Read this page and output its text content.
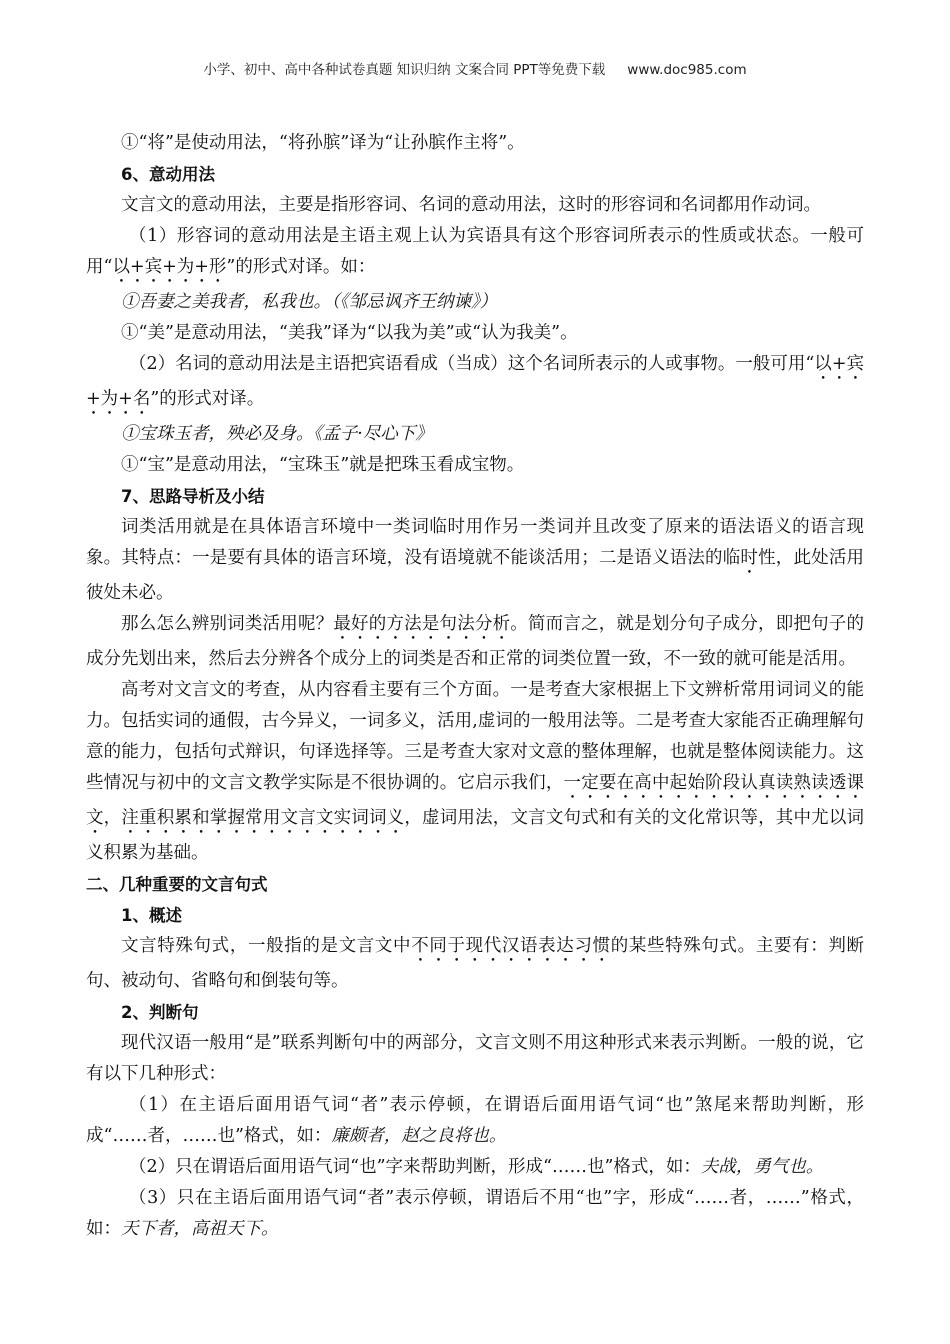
小学、初中、高中各种试卷真题 知识归纳 文案合同 PPT等免费下载 www.doc985.com

①“将”是使动用法，“将孙膑”译为“让孙膑作主将”。

6、意动用法

文言文的意动用法，主要是指形容词、名词的意动用法，这时的形容词和名词都用作动词。

（1）形容词的意动用法是主语主观上认为宾语具有这个形容词所表示的性质或状态。一般可用“以+宾+为+形”的形式对译。如：

①吾妻之美我者，私我也。（《邹忌讽齐王纳谏》）

①“美”是意动用法，“美我”译为“以我为美”或“认为我美”。

（2）名词的意动用法是主语把宾语看成（当成）这个名词所表示的人或事物。一般可用“以+宾+为+名”的形式对译。

①宝珠玉者，殃必及身。《孟子·尽心下》

①“宝”是意动用法，“宝珠玉”就是把珠玉看成宝物。

7、思路导析及小结

词类活用就是在具体语言环境中一类词临时用作另一类词并且改变了原来的语法语义的语言现象。其特点：一是要有具体的语言环境，没有语境就不能谈活用；二是语义语法的临时性，此处活用彼处未必。

那么怎么辨别词类活用呢？最好的方法是句法分析。简而言之，就是划分句子成分，即把句子的成分先划出来，然后去分辨各个成分上的词类是否和正常的词类位置一致，不一致的就可能是活用。

高考对文言文的考查，从内容看主要有三个方面。一是考查大家根据上下文辨析常用词词义的能力。包括实词的通假，古今异义，一词多义，活用,虚词的一般用法等。二是考查大家能否正确理解句意的能力，包括句式辩识，句译选择等。三是考查大家对文意的整体理解，也就是整体阅读能力。这些情况与初中的文言文教学实际是不很协调的。它启示我们，一定要在高中起始阶段认真读熟读透课文，注重积累和掌握常用文言文实词词义，虚词用法，文言文句式和有关的文化常识等，其中尤以词义积累为基础。

二、几种重要的文言句式

1、概述

文言特殊句式，一般指的是文言文中不同于现代汉语表达习惯的某些特殊句式。主要有：判断句、被动句、省略句和倒装句等。

2、判断句

现代汉语一般用“是”联系判断句中的两部分，文言文则不用这种形式来表示判断。一般的说，它有以下几种形式：

（1）在主语后面用语气词“者”表示停顿，在谓语后面用语气词“也”煞尾来帮助判断，形成“……者，……也”格式，如：廉颇者，赵之良将也。

（2）只在谓语后面用语气词“也”字来帮助判断，形成“……也”格式，如：夫战，勇气也。

（3）只在主语后面用语气词“者”表示停顿，谓语后不用“也”字，形成“……者，……”格式，如：天下者，高祖天下。
